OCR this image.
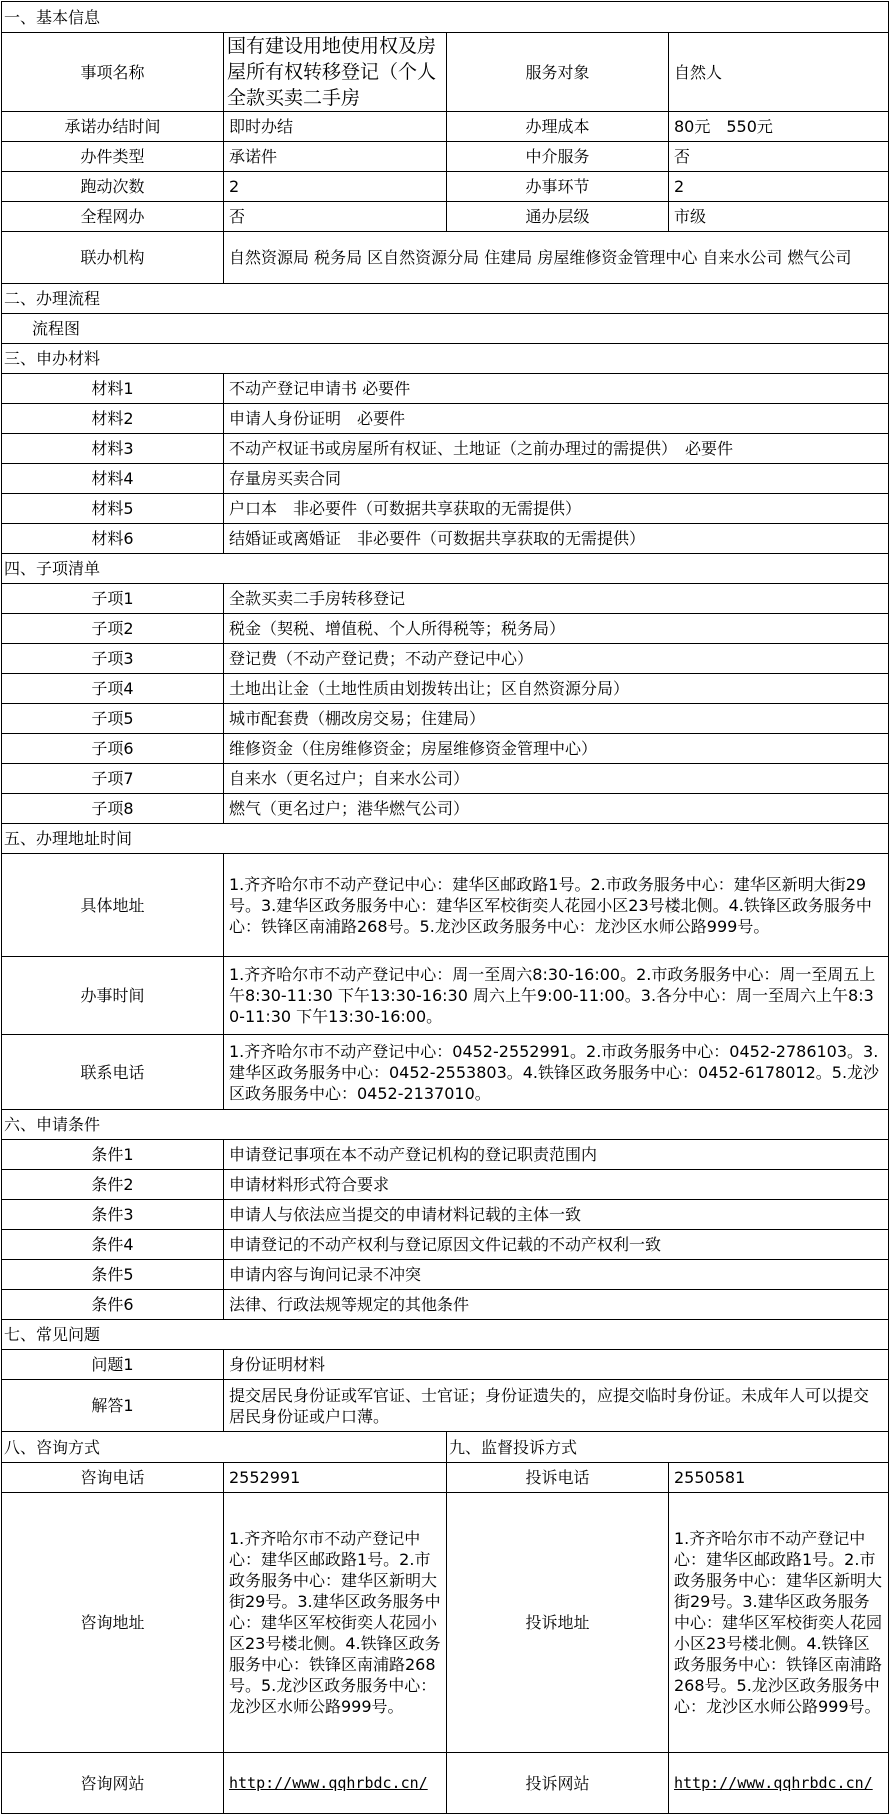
一、基本信息			
事项名称	国有建设用地使用权及房屋所有权转移登记（个人全款买卖二手房	服务对象	自然人
承诺办结时间	即时办结	办理成本	80元　550元
办件类型	承诺件	中介服务	否
跑动次数	2	办事环节	2
全程网办	否	通办层级	市级
联办机构	自然资源局 税务局 区自然资源分局 住建局 房屋维修资金管理中心 自来水公司 燃气公司		
二、办理流程			
流程图			
三、申办材料			
材料1	不动产登记申请书 必要件		
材料2	申请人身份证明　必要件		
材料3	不动产权证书或房屋所有权证、土地证（之前办理过的需提供）　必要件		
材料4	存量房买卖合同		
材料5	户口本　非必要件（可数据共享获取的无需提供）		
材料6	结婚证或离婚证　非必要件（可数据共享获取的无需提供）		
四、子项清单			
子项1	全款买卖二手房转移登记		
子项2	税金（契税、增值税、个人所得税等；税务局）		
子项3	登记费（不动产登记费；不动产登记中心）		
子项4	土地出让金（土地性质由划拨转出让；区自然资源分局）		
子项5	城市配套费（棚改房交易；住建局）		
子项6	维修资金（住房维修资金；房屋维修资金管理中心）		
子项7	自来水（更名过户；自来水公司）		
子项8	燃气（更名过户；港华燃气公司）		
五、办理地址时间			
具体地址	1.齐齐哈尔市不动产登记中心：建华区邮政路1号。2.市政务服务中心：建华区新明大街29号。3.建华区政务服务中心：建华区军校街奕人花园小区23号楼北侧。4.铁锋区政务服务中心：铁锋区南浦路268号。5.龙沙区政务服务中心：龙沙区水师公路999号。		
办事时间	1.齐齐哈尔市不动产登记中心：周一至周六8:30-16:00。2.市政务服务中心：周一至周五上午8:30-11:30 下午13:30-16:30 周六上午9:00-11:00。3.各分中心：周一至周六上午8:30-11:30 下午13:30-16:00。		
联系电话	1.齐齐哈尔市不动产登记中心：0452-2552991。2.市政务服务中心：0452-2786103。3.建华区政务服务中心：0452-2553803。4.铁锋区政务服务中心：0452-6178012。5.龙沙区政务服务中心：0452-2137010。		
六、申请条件			
条件1	申请登记事项在本不动产登记机构的登记职责范围内		
条件2	申请材料形式符合要求		
条件3	申请人与依法应当提交的申请材料记载的主体一致		
条件4	申请登记的不动产权利与登记原因文件记载的不动产权利一致		
条件5	申请内容与询问记录不冲突		
条件6	法律、行政法规等规定的其他条件		
七、常见问题			
问题1	身份证明材料		
解答1	提交居民身份证或军官证、士官证；身份证遗失的，应提交临时身份证。未成年人可以提交居民身份证或户口薄。		
八、咨询方式		九、监督投诉方式	
咨询电话	2552991	投诉电话	2550581
咨询地址	1.齐齐哈尔市不动产登记中心：建华区邮政路1号。2.市政务服务中心：建华区新明大街29号。3.建华区政务服务中心：建华区军校街奕人花园小区23号楼北侧。4.铁锋区政务服务中心：铁锋区南浦路268号。5.龙沙区政务服务中心：龙沙区水师公路999号。	投诉地址	1.齐齐哈尔市不动产登记中心：建华区邮政路1号。2.市政务服务中心：建华区新明大街29号。3.建华区政务服务中心：建华区军校街奕人花园小区23号楼北侧。4.铁锋区政务服务中心：铁锋区南浦路268号。5.龙沙区政务服务中心：龙沙区水师公路999号。
咨询网站	http://www.qqhrbdc.cn/	投诉网站	http://www.qqhrbdc.cn/
